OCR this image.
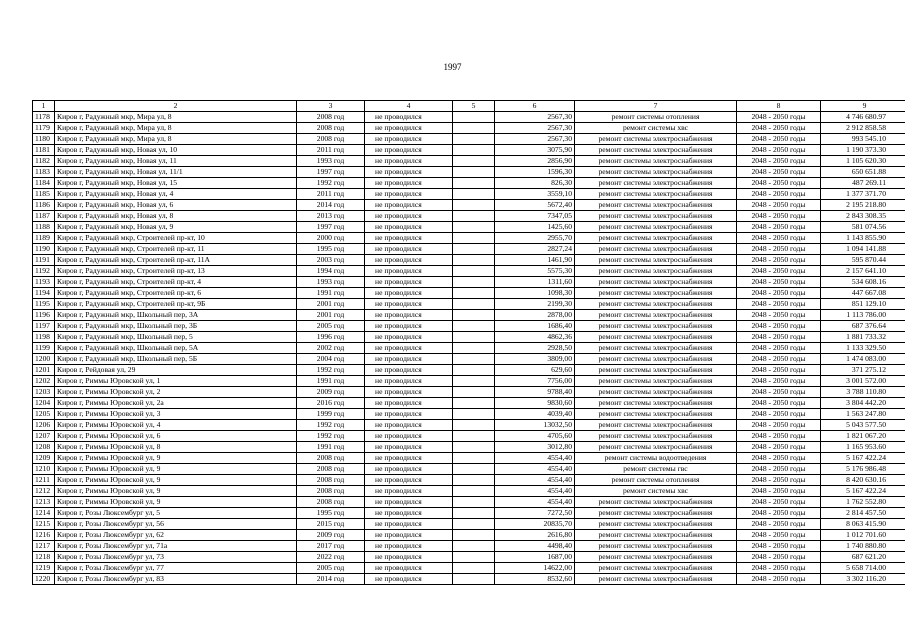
1997
1	2	3	4	5	6	7	8	9
1178	Киров г, Радужный мкр, Мира ул, 8	2008 год	не проводился		2567,30	ремонт системы отопления	2048 - 2050 годы	4 746 680.97
1179	Киров г, Радужный мкр, Мира ул, 8	2008 год	не проводился		2567,30	ремонт системы хвс	2048 - 2050 годы	2 912 858.58
1180	Киров г, Радужный мкр, Мира ул, 8	2008 год	не проводился		2567,30	ремонт системы электроснабжения	2048 - 2050 годы	993 545.10
1181	Киров г, Радужный мкр, Новая ул, 10	2011 год	не проводился		3075,90	ремонт системы электроснабжения	2048 - 2050 годы	1 190 373.30
1182	Киров г, Радужный мкр, Новая ул, 11	1993 год	не проводился		2856,90	ремонт системы электроснабжения	2048 - 2050 годы	1 105 620.30
1183	Киров г, Радужный мкр, Новая ул, 11/1	1997 год	не проводился		1596,30	ремонт системы электроснабжения	2048 - 2050 годы	650 651.88
1184	Киров г, Радужный мкр, Новая ул, 15	1992 год	не проводился		826,30	ремонт системы электроснабжения	2048 - 2050 годы	487 269.11
1185	Киров г, Радужный мкр, Новая ул, 4	2011 год	не проводился		3559,10	ремонт системы электроснабжения	2048 - 2050 годы	1 377 371.70
1186	Киров г, Радужный мкр, Новая ул, 6	2014 год	не проводился		5672,40	ремонт системы электроснабжения	2048 - 2050 годы	2 195 218.80
1187	Киров г, Радужный мкр, Новая ул, 8	2013 год	не проводился		7347,05	ремонт системы электроснабжения	2048 - 2050 годы	2 843 308.35
1188	Киров г, Радужный мкр, Новая ул, 9	1997 год	не проводился		1425,60	ремонт системы электроснабжения	2048 - 2050 годы	581 074.56
1189	Киров г, Радужный мкр, Строителей пр-кт, 10	2000 год	не проводился		2955,70	ремонт системы электроснабжения	2048 - 2050 годы	1 143 855.90
1190	Киров г, Радужный мкр, Строителей пр-кт, 11	1995 год	не проводился		2827,24	ремонт системы электроснабжения	2048 - 2050 годы	1 094 141.88
1191	Киров г, Радужный мкр, Строителей пр-кт, 11А	2003 год	не проводился		1461,90	ремонт системы электроснабжения	2048 - 2050 годы	595 870.44
1192	Киров г, Радужный мкр, Строителей пр-кт, 13	1994 год	не проводился		5575,30	ремонт системы электроснабжения	2048 - 2050 годы	2 157 641.10
1193	Киров г, Радужный мкр, Строителей пр-кт, 4	1993 год	не проводился		1311,60	ремонт системы электроснабжения	2048 - 2050 годы	534 608.16
1194	Киров г, Радужный мкр, Строителей пр-кт, 6	1991 год	не проводился		1098,30	ремонт системы электроснабжения	2048 - 2050 годы	447 667.08
1195	Киров г, Радужный мкр, Строителей пр-кт, 9Б	2001 год	не проводился		2199,30	ремонт системы электроснабжения	2048 - 2050 годы	851 129.10
1196	Киров г, Радужный мкр, Школьный пер, 3А	2001 год	не проводился		2878,00	ремонт системы электроснабжения	2048 - 2050 годы	1 113 786.00
1197	Киров г, Радужный мкр, Школьный пер, 3Б	2005 год	не проводился		1686,40	ремонт системы электроснабжения	2048 - 2050 годы	687 376.64
1198	Киров г, Радужный мкр, Школьный пер, 5	1996 год	не проводился		4862,36	ремонт системы электроснабжения	2048 - 2050 годы	1 881 733.32
1199	Киров г, Радужный мкр, Школьный пер, 5А	2002 год	не проводился		2928,50	ремонт системы электроснабжения	2048 - 2050 годы	1 133 329.50
1200	Киров г, Радужный мкр, Школьный пер, 5Б	2004 год	не проводился		3809,00	ремонт системы электроснабжения	2048 - 2050 годы	1 474 083.00
1201	Киров г, Рейдовая ул, 29	1992 год	не проводился		629,60	ремонт системы электроснабжения	2048 - 2050 годы	371 275.12
1202	Киров г, Риммы Юровской ул, 1	1991 год	не проводился		7756,00	ремонт системы электроснабжения	2048 - 2050 годы	3 001 572.00
1203	Киров г, Риммы Юровской ул, 2	2009 год	не проводился		9788,40	ремонт системы электроснабжения	2048 - 2050 годы	3 788 110.80
1204	Киров г, Риммы Юровской ул, 2а	2016 год	не проводился		9830,60	ремонт системы электроснабжения	2048 - 2050 годы	3 804 442.20
1205	Киров г, Риммы Юровской ул, 3	1999 год	не проводился		4039,40	ремонт системы электроснабжения	2048 - 2050 годы	1 563 247.80
1206	Киров г, Риммы Юровской ул, 4	1992 год	не проводился		13032,50	ремонт системы электроснабжения	2048 - 2050 годы	5 043 577.50
1207	Киров г, Риммы Юровской ул, 6	1992 год	не проводился		4705,60	ремонт системы электроснабжения	2048 - 2050 годы	1 821 067.20
1208	Киров г, Риммы Юровской ул, 8	1991 год	не проводился		3012,80	ремонт системы электроснабжения	2048 - 2050 годы	1 165 953.60
1209	Киров г, Риммы Юровской ул, 9	2008 год	не проводился		4554,40	ремонт системы водоотведения	2048 - 2050 годы	5 167 422.24
1210	Киров г, Риммы Юровской ул, 9	2008 год	не проводился		4554,40	ремонт системы гвс	2048 - 2050 годы	5 176 986.48
1211	Киров г, Риммы Юровской ул, 9	2008 год	не проводился		4554,40	ремонт системы отопления	2048 - 2050 годы	8 420 630.16
1212	Киров г, Риммы Юровской ул, 9	2008 год	не проводился		4554,40	ремонт системы хвс	2048 - 2050 годы	5 167 422.24
1213	Киров г, Риммы Юровской ул, 9	2008 год	не проводился		4554,40	ремонт системы электроснабжения	2048 - 2050 годы	1 762 552.80
1214	Киров г, Розы Люксембург ул, 5	1995 год	не проводился		7272,50	ремонт системы электроснабжения	2048 - 2050 годы	2 814 457.50
1215	Киров г, Розы Люксембург ул, 56	2015 год	не проводился		20835,70	ремонт системы электроснабжения	2048 - 2050 годы	8 063 415.90
1216	Киров г, Розы Люксембург ул, 62	2009 год	не проводился		2616,80	ремонт системы электроснабжения	2048 - 2050 годы	1 012 701.60
1217	Киров г, Розы Люксембург ул, 71а	2017 год	не проводился		4498,40	ремонт системы электроснабжения	2048 - 2050 годы	1 740 880.80
1218	Киров г, Розы Люксембург ул, 73	2022 год	не проводился		1687,00	ремонт системы электроснабжения	2048 - 2050 годы	687 621.20
1219	Киров г, Розы Люксембург ул, 77	2005 год	не проводился		14622,00	ремонт системы электроснабжения	2048 - 2050 годы	5 658 714.00
1220	Киров г, Розы Люксембург ул, 83	2014 год	не проводился		8532,60	ремонт системы электроснабжения	2048 - 2050 годы	3 302 116.20
